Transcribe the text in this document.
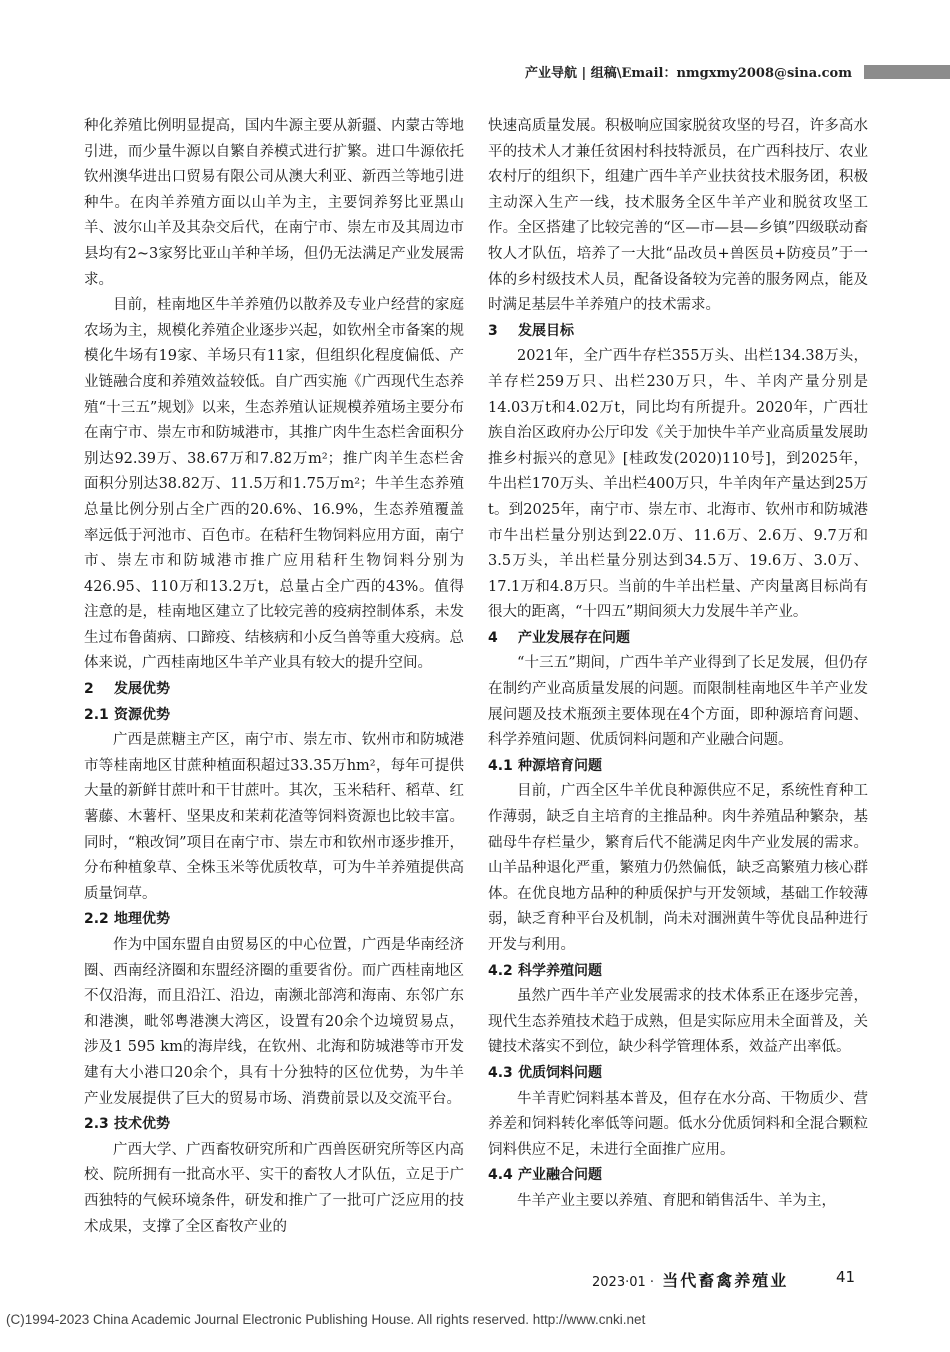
产业导航 | 组稿\Email：nmgxmy2008@sina.com

种化养殖比例明显提高，国内牛源主要从新疆、内蒙古等地引进，而少量牛源以自繁自养模式进行扩繁。进口牛源依托钦州澳华进出口贸易有限公司从澳大利亚、新西兰等地引进种牛。在肉羊养殖方面以山羊为主，主要饲养努比亚黑山羊、波尔山羊及其杂交后代，在南宁市、崇左市及其周边市县均有2~3家努比亚山羊种羊场，但仍无法满足产业发展需求。

目前，桂南地区牛羊养殖仍以散养及专业户经营的家庭农场为主，规模化养殖企业逐步兴起，如钦州全市备案的规模化牛场有19家、羊场只有11家，但组织化程度偏低、产业链融合度和养殖效益较低。自广西实施《广西现代生态养殖“十三五”规划》以来，生态养殖认证规模养殖场主要分布在南宁市、崇左市和防城港市，其推广肉牛生态栏舍面积分别达92.39万、38.67万和7.82万m²；推广肉羊生态栏舍面积分别达38.82万、11.5万和1.75万m²；牛羊生态养殖总量比例分别占全广西的20.6%、16.9%，生态养殖覆盖率远低于河池市、百色市。在秸秆生物饲料应用方面，南宁市、崇左市和防城港市推广应用秸秆生物饲料分别为426.95、110万和13.2万t，总量占全广西的43%。值得注意的是，桂南地区建立了比较完善的疫病控制体系，未发生过布鲁菌病、口蹄疫、结核病和小反刍兽等重大疫病。总体来说，广西桂南地区牛羊产业具有较大的提升空间。

2 发展优势
2.1 资源优势

广西是蔗糖主产区，南宁市、崇左市、钦州市和防城港市等桂南地区甘蔗种植面积超过33.35万hm²，每年可提供大量的新鲜甘蔗叶和干甘蔗叶。其次，玉米秸秆、稻草、红薯藤、木薯杆、坚果皮和茉莉花渣等饲料资源也比较丰富。同时，“粮改饲”项目在南宁市、崇左市和钦州市逐步推开，分布种植象草、全株玉米等优质牧草，可为牛羊养殖提供高质量饲草。

2.2 地理优势

作为中国东盟自由贸易区的中心位置，广西是华南经济圈、西南经济圈和东盟经济圈的重要省份。而广西桂南地区不仅沿海，而且沿江、沿边，南濒北部湾和海南、东邻广东和港澳，毗邻粤港澳大湾区，设置有20余个边境贸易点，涉及1 595 km的海岸线，在钦州、北海和防城港等市开发建有大小港口20余个，具有十分独特的区位优势，为牛羊产业发展提供了巨大的贸易市场、消费前景以及交流平台。

2.3 技术优势

广西大学、广西畜牧研究所和广西兽医研究所等区内高校、院所拥有一批高水平、实干的畜牧人才队伍，立足于广西独特的气候环境条件，研发和推广了一批可广泛应用的技术成果，支撑了全区畜牧产业的

快速高质量发展。积极响应国家脱贫攻坚的号召，许多高水平的技术人才兼任贫困村科技特派员，在广西科技厅、农业农村厅的组织下，组建广西牛羊产业扶贫技术服务团，积极主动深入生产一线，技术服务全区牛羊产业和脱贫攻坚工作。全区搭建了比较完善的“区—市—县—乡镇”四级联动畜牧人才队伍，培养了一大批“品改员+兽医员+防疫员”于一体的乡村级技术人员，配备设备较为完善的服务网点，能及时满足基层牛羊养殖户的技术需求。

3 发展目标

2021年，全广西牛存栏355万头、出栏134.38万头，羊存栏259万只、出栏230万只，牛、羊肉产量分别是14.03万t和4.02万t，同比均有所提升。2020年，广西壮族自治区政府办公厅印发《关于加快牛羊产业高质量发展助推乡村振兴的意见》[桂政发(2020)110号]，到2025年，牛出栏170万头、羊出栏400万只，牛羊肉年产量达到25万t。到2025年，南宁市、崇左市、北海市、钦州市和防城港市牛出栏量分别达到22.0万、11.6万、2.6万、9.7万和3.5万头，羊出栏量分别达到34.5万、19.6万、3.0万、17.1万和4.8万只。当前的牛羊出栏量、产肉量离目标尚有很大的距离，“十四五”期间须大力发展牛羊产业。

4 产业发展存在问题

“十三五”期间，广西牛羊产业得到了长足发展，但仍存在制约产业高质量发展的问题。而限制桂南地区牛羊产业发展问题及技术瓶颈主要体现在4个方面，即种源培育问题、科学养殖问题、优质饲料问题和产业融合问题。

4.1 种源培育问题

目前，广西全区牛羊优良种源供应不足，系统性育种工作薄弱，缺乏自主培育的主推品种。肉牛养殖品种繁杂，基础母牛存栏量少，繁育后代不能满足肉牛产业发展的需求。山羊品种退化严重，繁殖力仍然偏低，缺乏高繁殖力核心群体。在优良地方品种的种质保护与开发领域，基础工作较薄弱，缺乏育种平台及机制，尚未对涠洲黄牛等优良品种进行开发与利用。

4.2 科学养殖问题

虽然广西牛羊产业发展需求的技术体系正在逐步完善，现代生态养殖技术趋于成熟，但是实际应用未全面普及，关键技术落实不到位，缺少科学管理体系，效益产出率低。

4.3 优质饲料问题

牛羊青贮饲料基本普及，但存在水分高、干物质少、营养差和饲料转化率低等问题。低水分优质饲料和全混合颗粒饲料供应不足，未进行全面推广应用。

4.4 产业融合问题

牛羊产业主要以养殖、育肥和销售活牛、羊为主，

2023·01 · 当代畜禽养殖业	41
(C)1994-2023 China Academic Journal Electronic Publishing House. All rights reserved. http://www.cnki.net
